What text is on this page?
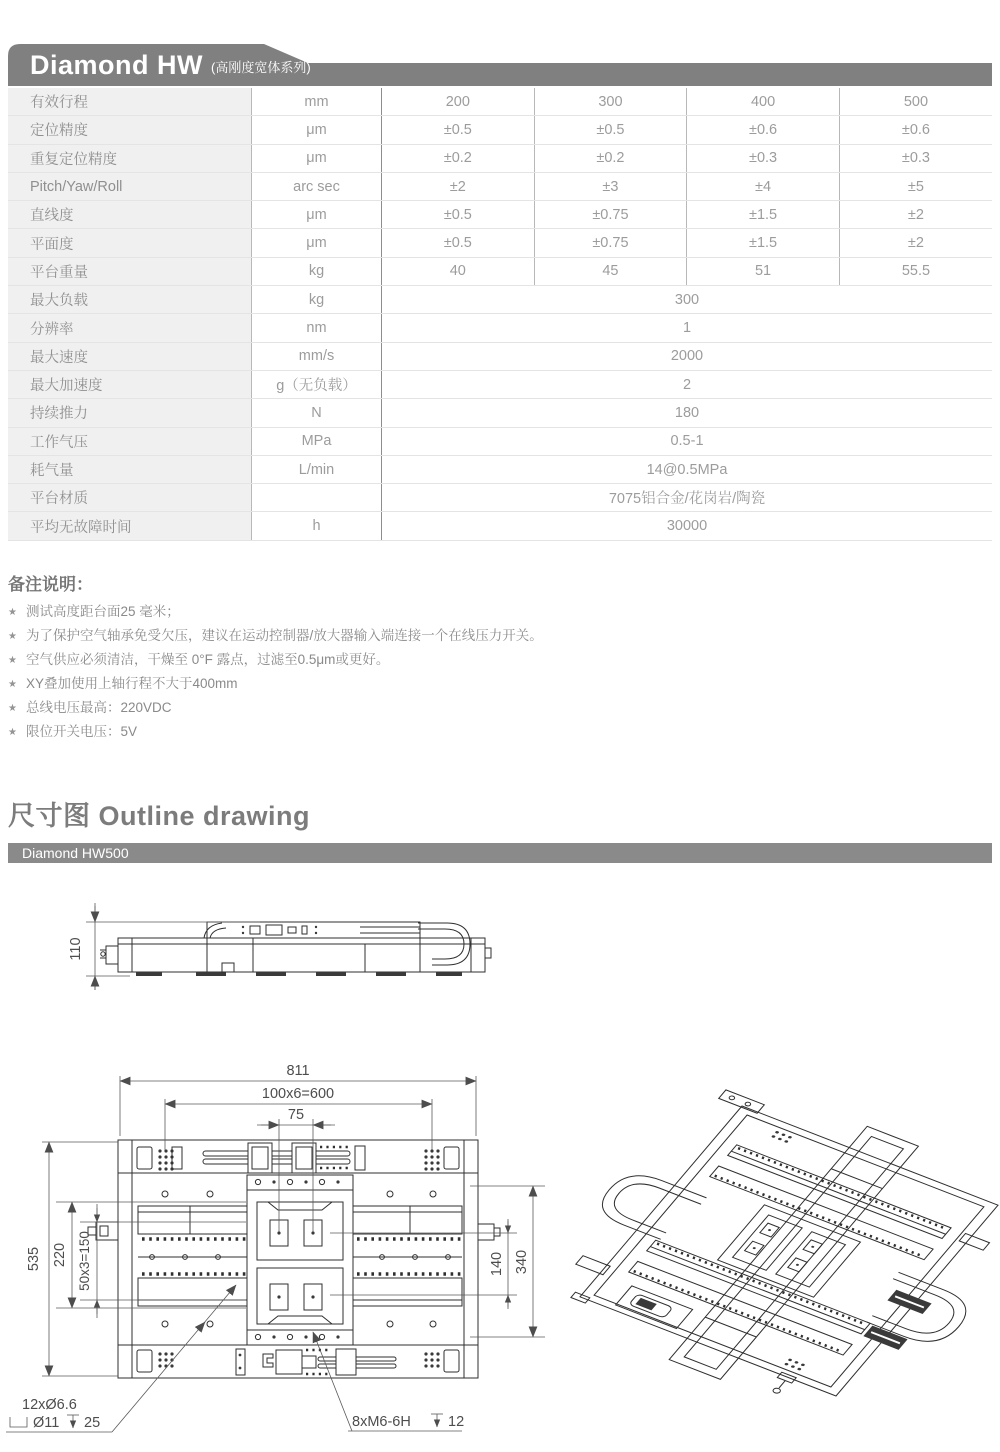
Diamond HW (高刚度宽体系列)
有效行程	mm	200	300	400	500
定位精度	μm	±0.5	±0.5	±0.6	±0.6
重复定位精度	μm	±0.2	±0.2	±0.3	±0.3
Pitch/Yaw/Roll	arc sec	±2	±3	±4	±5
直线度	μm	±0.5	±0.75	±1.5	±2
平面度	μm	±0.5	±0.75	±1.5	±2
平台重量	kg	40	45	51	55.5
最大负载	kg	300			
分辨率	nm	1			
最大速度	mm/s	2000			
最大加速度	g（无负载）	2			
持续推力	N	180			
工作气压	MPa	0.5-1			
耗气量	L/min	14@0.5MPa			
平台材质		7075铝合金/花岗岩/陶瓷			
平均无故障时间	h	30000			
备注说明：
★ 测试高度距台面25 毫米；
★ 为了保护空气轴承免受欠压，建议在运动控制器/放大器输入端连接一个在线压力开关。
★ 空气供应必须清洁，干燥至 0°F 露点，过滤至0.5μm或更好。
★ XY叠加使用上轴行程不大于400mm
★ 总线电压最高：220VDC
★ 限位开关电压：5V
尺寸图 Outline drawing
Diamond HW500
110
811
100x6=600
75
535 220 50x3=150	140 340
12xØ6.6
Ø11 25	8xM6-6H	12
